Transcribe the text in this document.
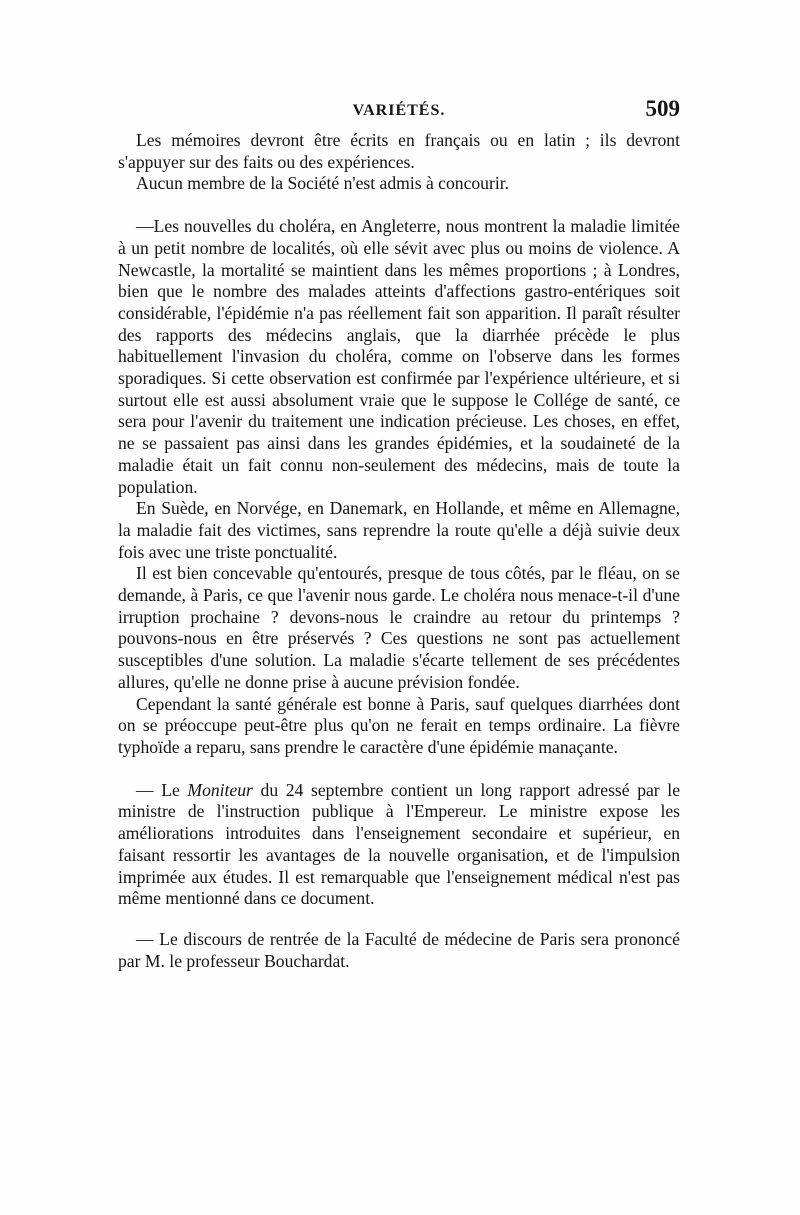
VARIÉTÉS.	509

Les mémoires devront être écrits en français ou en latin ; ils devront s'appuyer sur des faits ou des expériences.

Aucun membre de la Société n'est admis à concourir.

—Les nouvelles du choléra, en Angleterre, nous montrent la maladie limitée à un petit nombre de localités, où elle sévit avec plus ou moins de violence. A Newcastle, la mortalité se maintient dans les mêmes proportions ; à Londres, bien que le nombre des malades atteints d'affections gastro-entériques soit considérable, l'épidémie n'a pas réellement fait son apparition. Il paraît résulter des rapports des médecins anglais, que la diarrhée précède le plus habituellement l'invasion du choléra, comme on l'observe dans les formes sporadiques. Si cette observation est confirmée par l'expérience ultérieure, et si surtout elle est aussi absolument vraie que le suppose le Collége de santé, ce sera pour l'avenir du traitement une indication précieuse. Les choses, en effet, ne se passaient pas ainsi dans les grandes épidémies, et la soudaineté de la maladie était un fait connu non-seulement des médecins, mais de toute la population.

En Suède, en Norvége, en Danemark, en Hollande, et même en Allemagne, la maladie fait des victimes, sans reprendre la route qu'elle a déjà suivie deux fois avec une triste ponctualité.

Il est bien concevable qu'entourés, presque de tous côtés, par le fléau, on se demande, à Paris, ce que l'avenir nous garde. Le choléra nous menace-t-il d'une irruption prochaine ? devons-nous le craindre au retour du printemps ? pouvons-nous en être préservés ? Ces questions ne sont pas actuellement susceptibles d'une solution. La maladie s'écarte tellement de ses précédentes allures, qu'elle ne donne prise à aucune prévision fondée.

Cependant la santé générale est bonne à Paris, sauf quelques diarrhées dont on se préoccupe peut-être plus qu'on ne ferait en temps ordinaire. La fièvre typhoïde a reparu, sans prendre le caractère d'une épidémie manaçante.

— Le Moniteur du 24 septembre contient un long rapport adressé par le ministre de l'instruction publique à l'Empereur. Le ministre expose les améliorations introduites dans l'enseignement secondaire et supérieur, en faisant ressortir les avantages de la nouvelle organisation, et de l'impulsion imprimée aux études. Il est remarquable que l'enseignement médical n'est pas même mentionné dans ce document.

— Le discours de rentrée de la Faculté de médecine de Paris sera prononcé par M. le professeur Bouchardat.
